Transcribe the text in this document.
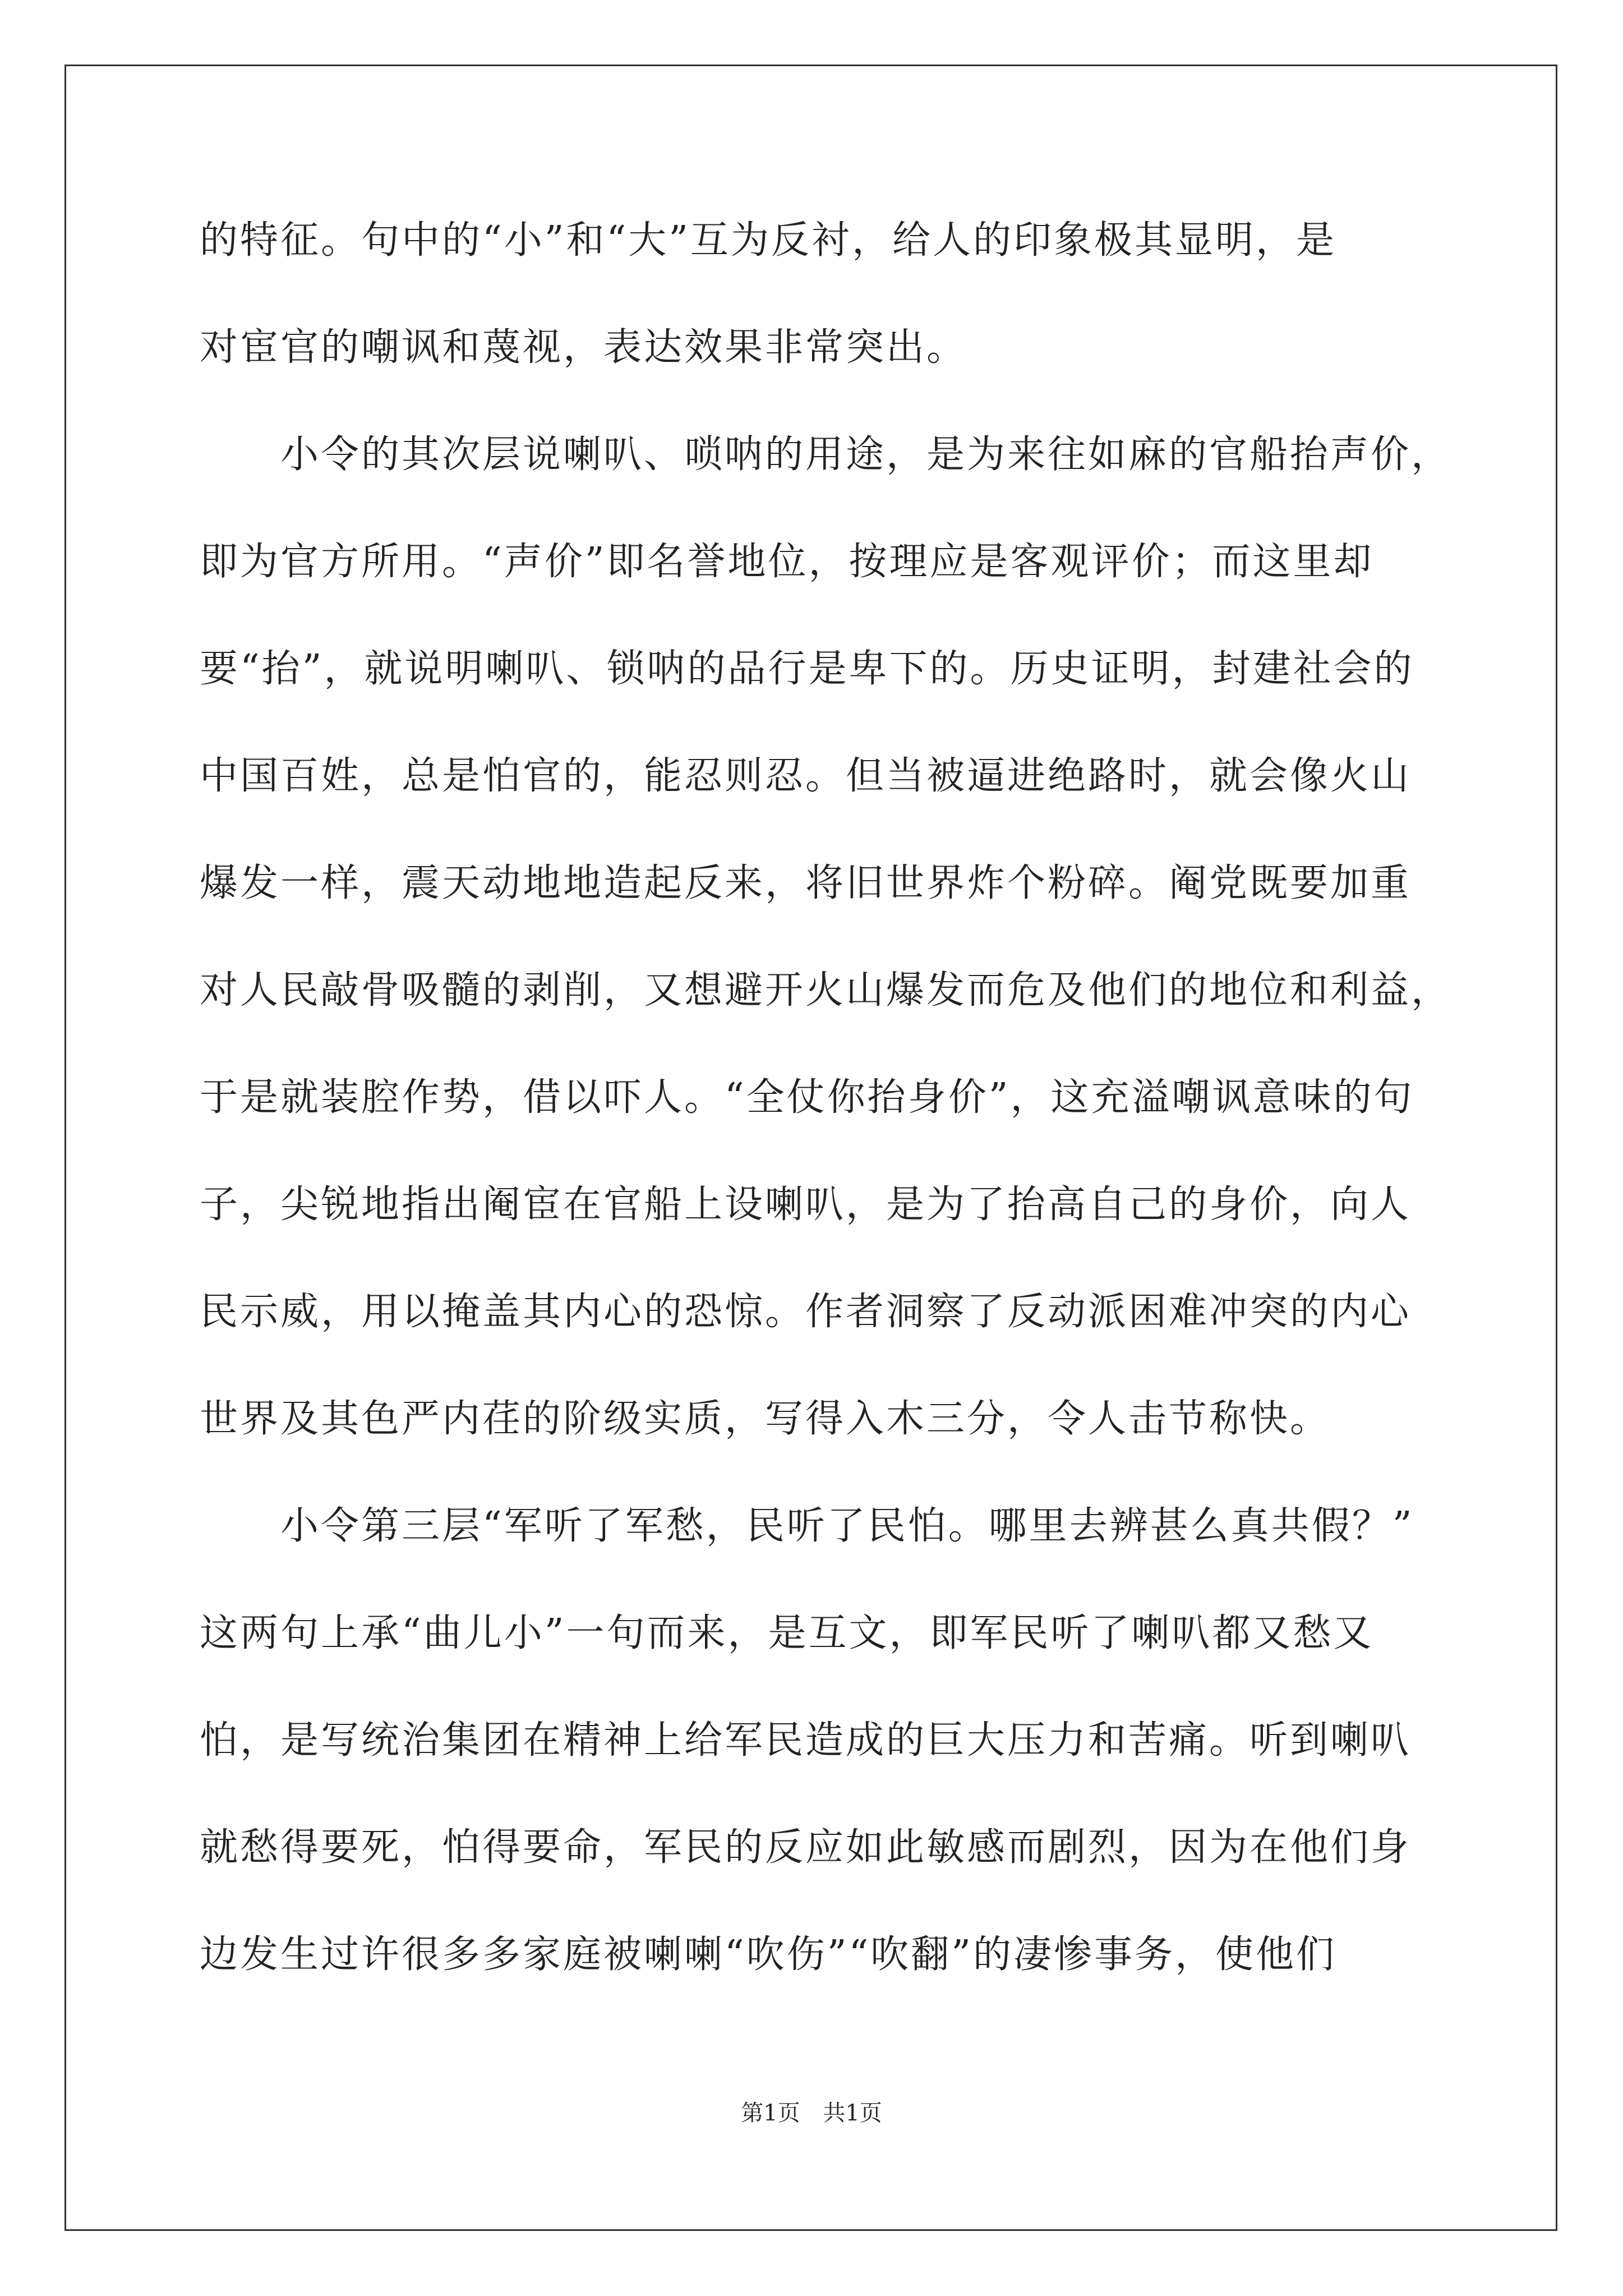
的特征。句中的“小”和“大”互为反衬，给人的印象极其显明，是
对宦官的嘲讽和蔑视，表达效果非常突出。
　　小令的其次层说喇叭、唢呐的用途，是为来往如麻的官船抬声价，
即为官方所用。“声价”即名誉地位，按理应是客观评价；而这里却
要“抬”，就说明喇叭、锁呐的品行是卑下的。历史证明，封建社会的
中国百姓，总是怕官的，能忍则忍。但当被逼进绝路时，就会像火山
爆发一样，震天动地地造起反来，将旧世界炸个粉碎。阉党既要加重
对人民敲骨吸髓的剥削，又想避开火山爆发而危及他们的地位和利益，
于是就装腔作势，借以吓人。“全仗你抬身价”，这充溢嘲讽意味的句
子，尖锐地指出阉宦在官船上设喇叭，是为了抬高自己的身价，向人
民示威，用以掩盖其内心的恐惊。作者洞察了反动派困难冲突的内心
世界及其色严内荏的阶级实质，写得入木三分，令人击节称快。
　　小令第三层“军听了军愁，民听了民怕。哪里去辨甚么真共假？”
这两句上承“曲儿小”一句而来，是互文，即军民听了喇叭都又愁又
怕，是写统治集团在精神上给军民造成的巨大压力和苦痛。听到喇叭
就愁得要死，怕得要命，军民的反应如此敏感而剧烈，因为在他们身
边发生过许很多多家庭被喇喇“吹伤”“吹翻”的凄惨事务，使他们
第1页 共1页
